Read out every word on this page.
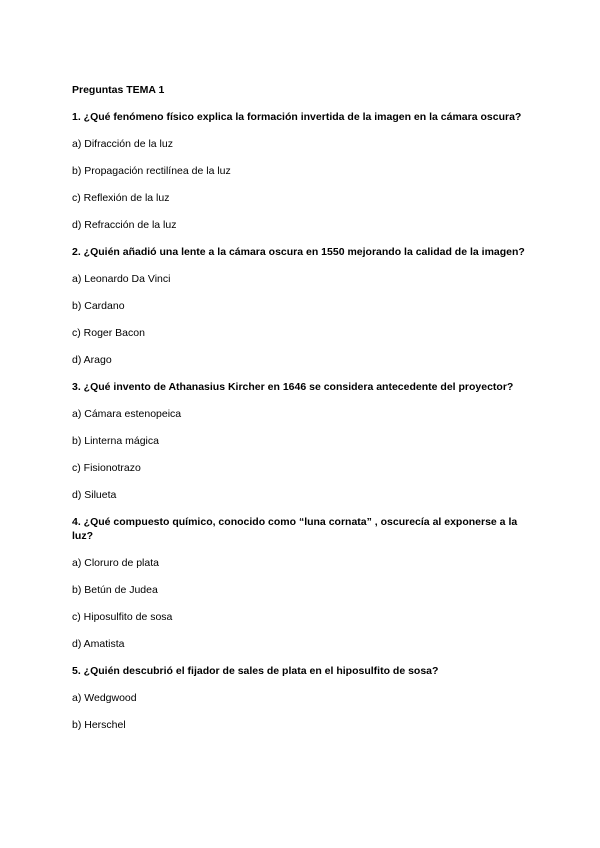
Preguntas TEMA 1

1. ¿Qué fenómeno físico explica la formación invertida de la imagen en la cámara oscura?

a) Difracción de la luz

b) Propagación rectilínea de la luz

c) Reflexión de la luz

d) Refracción de la luz

2. ¿Quién añadió una lente a la cámara oscura en 1550 mejorando la calidad de la imagen?

a) Leonardo Da Vinci

b) Cardano

c) Roger Bacon

d) Arago

3. ¿Qué invento de Athanasius Kircher en 1646 se considera antecedente del proyector?

a) Cámara estenopeica

b) Linterna mágica

c) Fisionotrazo

d) Silueta

4. ¿Qué compuesto químico, conocido como “luna cornata” , oscurecía al exponerse a la luz?

a) Cloruro de plata

b) Betún de Judea

c) Hiposulfito de sosa

d) Amatista

5. ¿Quién descubrió el fijador de sales de plata en el hiposulfito de sosa?

a) Wedgwood

b) Herschel
